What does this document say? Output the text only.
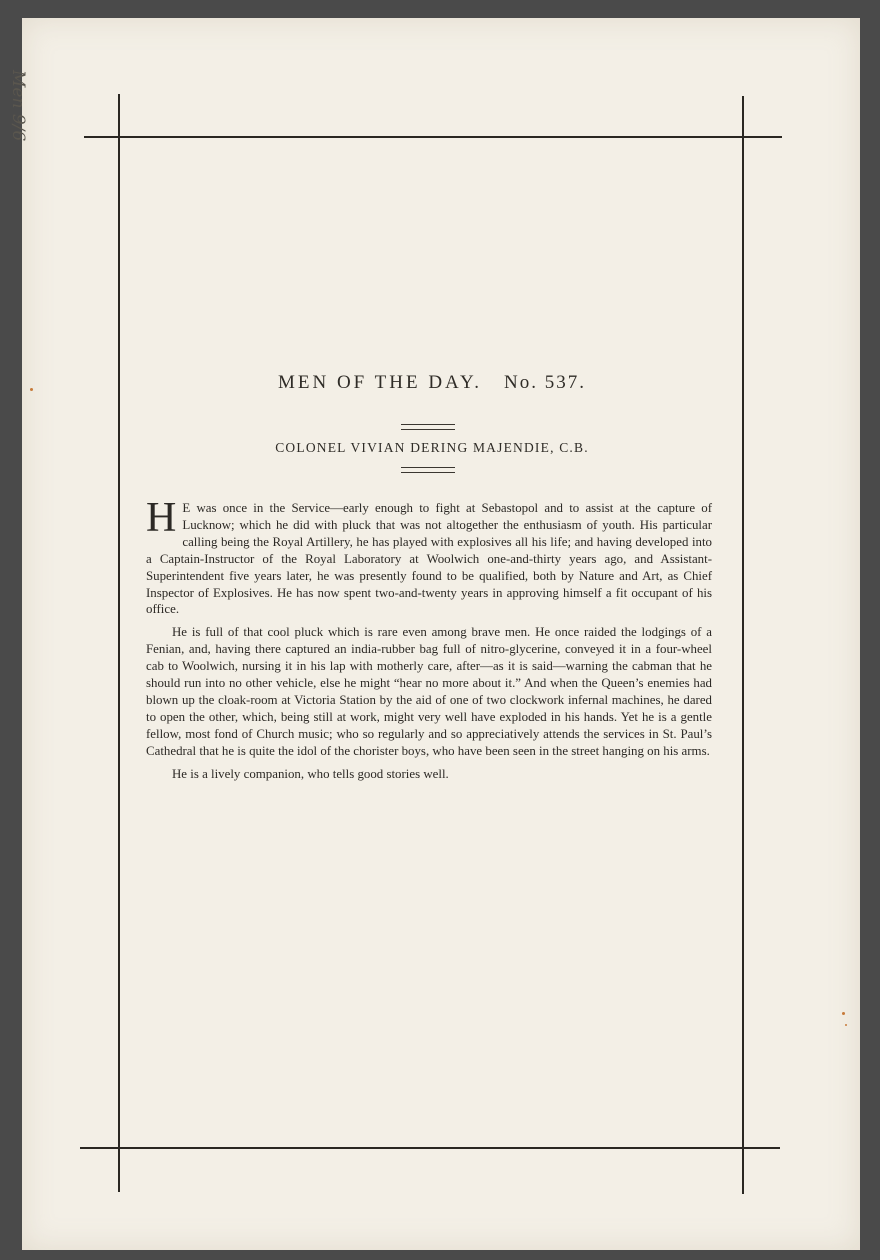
Men 9/6
MEN OF THE DAY. No. 537.
COLONEL VIVIAN DERING MAJENDIE, C.B.

H E was once in the Service—early enough to fight at Sebastopol and to assist at the capture of Lucknow; which he did with pluck that was not altogether the enthusiasm of youth. His particular calling being the Royal Artillery, he has played with explosives all his life; and having developed into a Captain-Instructor of the Royal Laboratory at Woolwich one-and-thirty years ago, and Assistant-Superintendent five years later, he was presently found to be qualified, both by Nature and Art, as Chief Inspector of Explosives. He has now spent two-and-twenty years in approving himself a fit occupant of his office.

He is full of that cool pluck which is rare even among brave men. He once raided the lodgings of a Fenian, and, having there captured an india-rubber bag full of nitro-glycerine, conveyed it in a four-wheel cab to Woolwich, nursing it in his lap with motherly care, after—as it is said—warning the cabman that he should run into no other vehicle, else he might “hear no more about it.” And when the Queen’s enemies had blown up the cloak-room at Victoria Station by the aid of one of two clockwork infernal machines, he dared to open the other, which, being still at work, might very well have exploded in his hands. Yet he is a gentle fellow, most fond of Church music; who so regularly and so appreciatively attends the services in St. Paul’s Cathedral that he is quite the idol of the chorister boys, who have been seen in the street hanging on his arms.

He is a lively companion, who tells good stories well.
